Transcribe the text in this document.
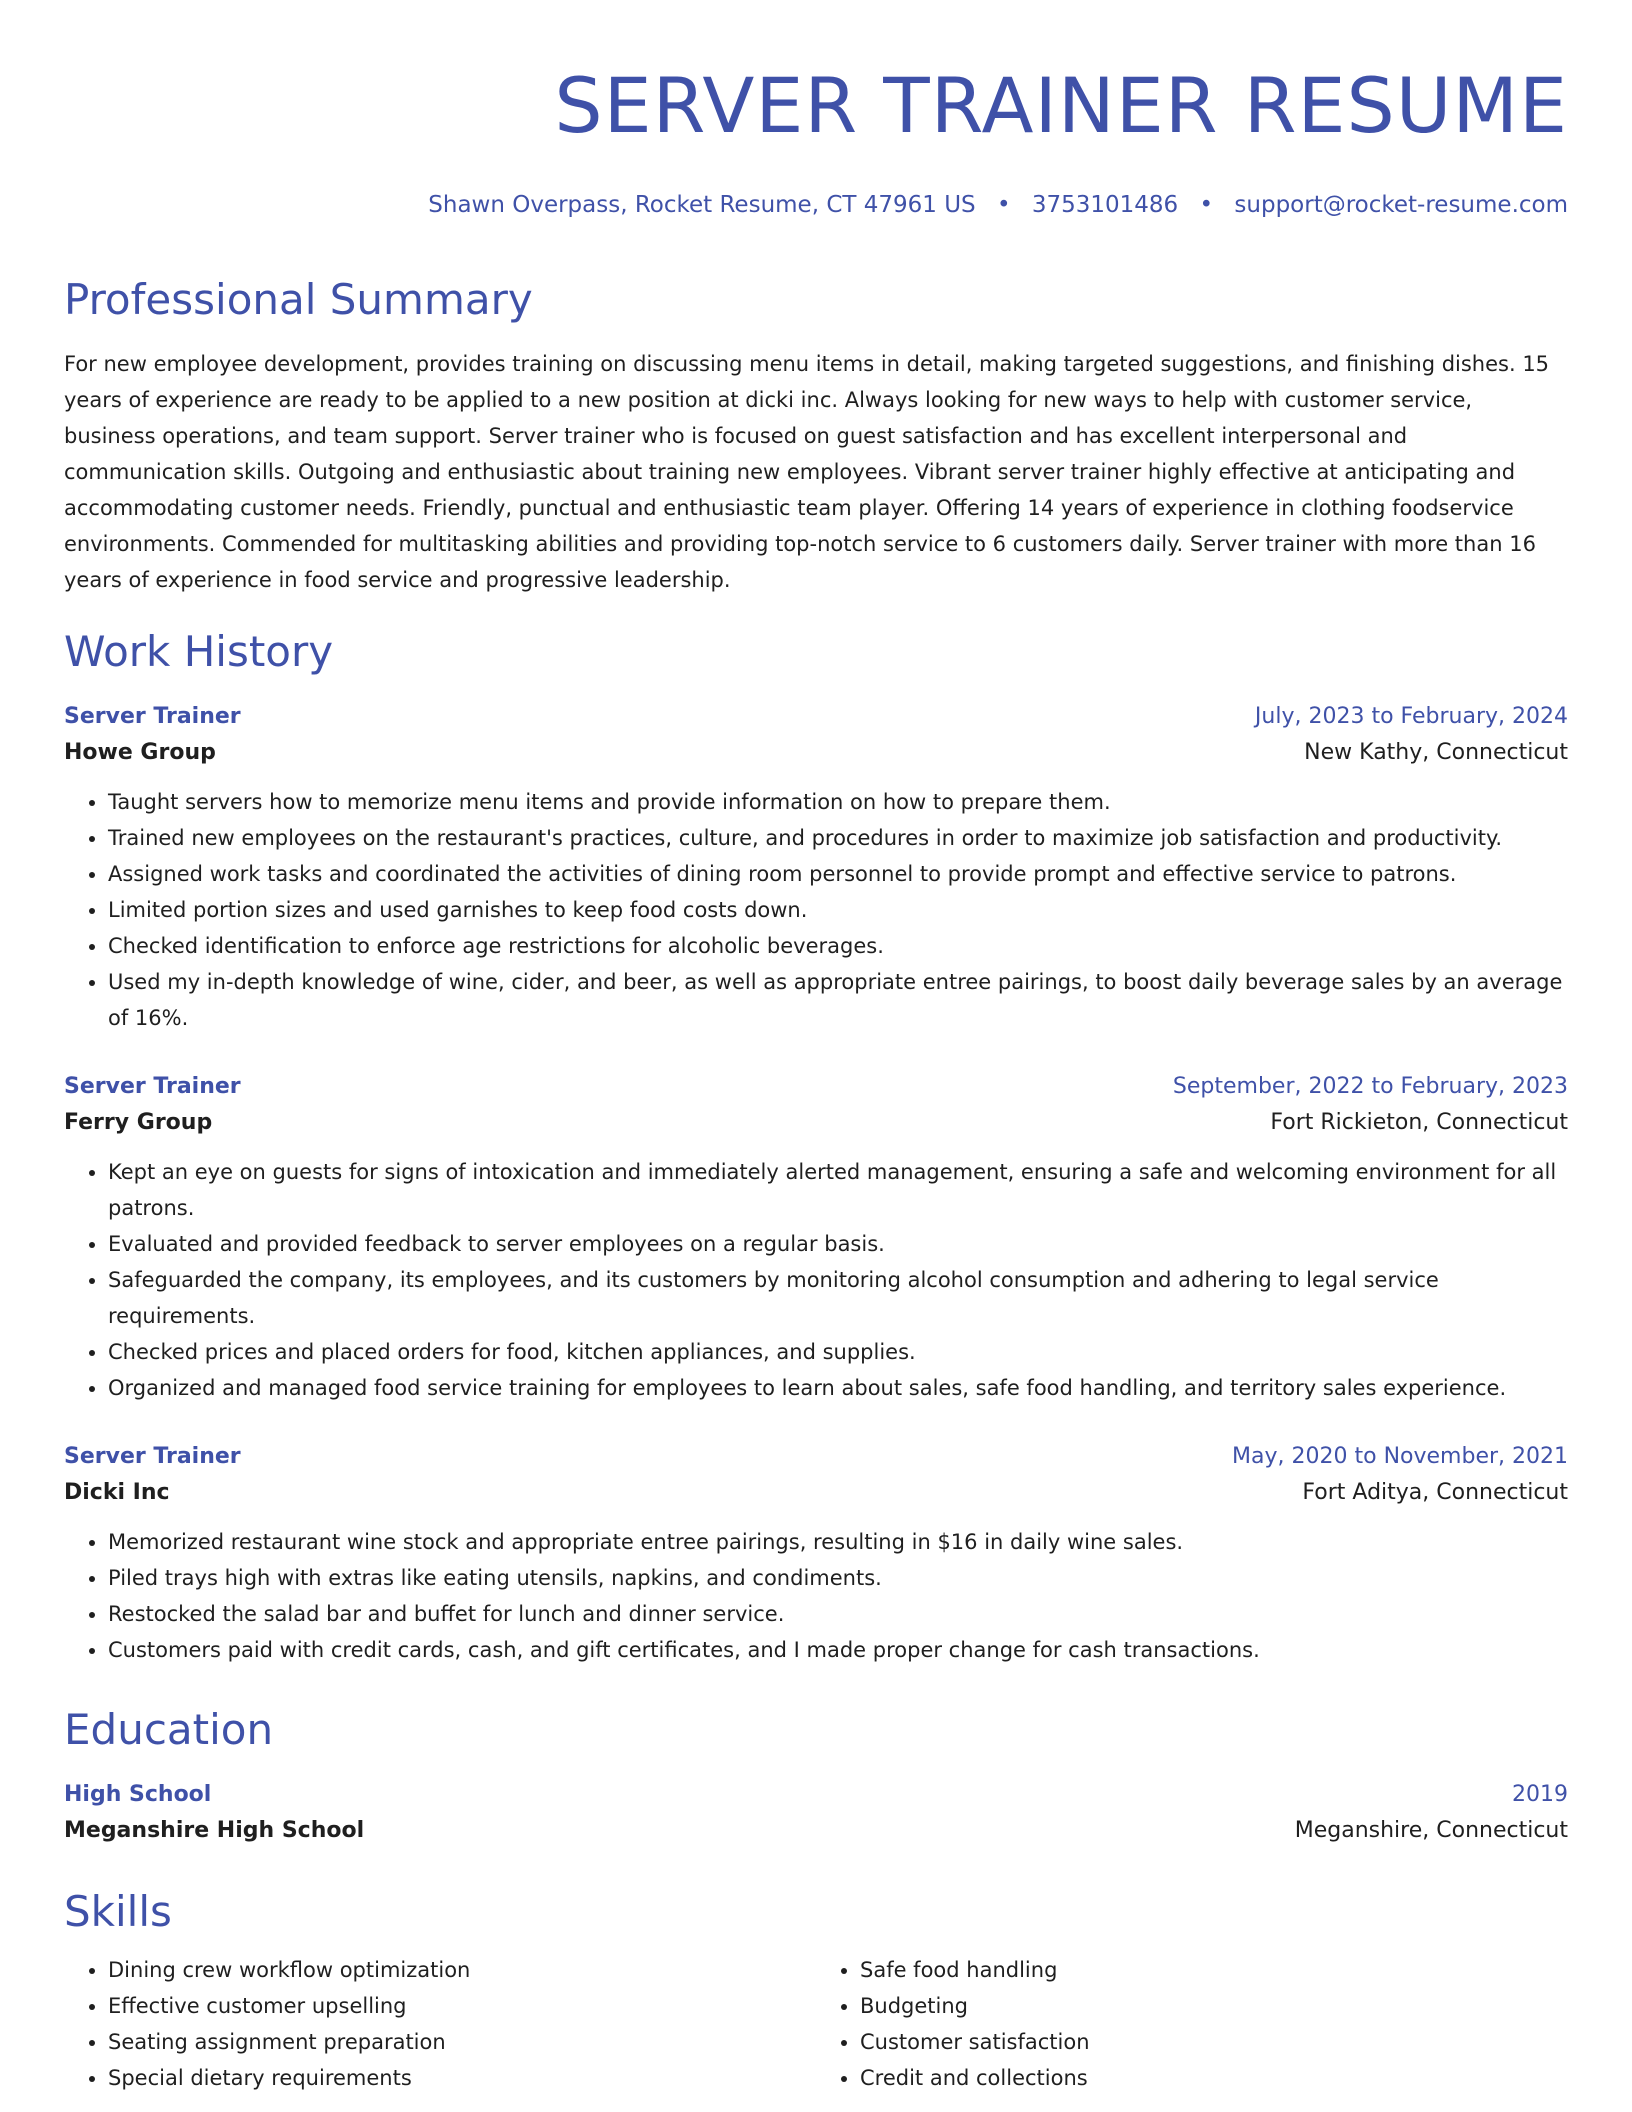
SERVER TRAINER RESUME
Shawn Overpass, Rocket Resume, CT 47961 US • 3753101486 • support@rocket-resume.com
Professional Summary
For new employee development, provides training on discussing menu items in detail, making targeted suggestions, and finishing dishes. 15 years of experience are ready to be applied to a new position at dicki inc. Always looking for new ways to help with customer service, business operations, and team support. Server trainer who is focused on guest satisfaction and has excellent interpersonal and communication skills. Outgoing and enthusiastic about training new employees. Vibrant server trainer highly effective at anticipating and accommodating customer needs. Friendly, punctual and enthusiastic team player. Offering 14 years of experience in clothing foodservice environments. Commended for multitasking abilities and providing top-notch service to 6 customers daily. Server trainer with more than 16 years of experience in food service and progressive leadership.
Work History
Server Trainer	July, 2023 to February, 2024
Howe Group	New Kathy, Connecticut
• Taught servers how to memorize menu items and provide information on how to prepare them.
• Trained new employees on the restaurant's practices, culture, and procedures in order to maximize job satisfaction and productivity.
• Assigned work tasks and coordinated the activities of dining room personnel to provide prompt and effective service to patrons.
• Limited portion sizes and used garnishes to keep food costs down.
• Checked identification to enforce age restrictions for alcoholic beverages.
• Used my in-depth knowledge of wine, cider, and beer, as well as appropriate entree pairings, to boost daily beverage sales by an average of 16%.
Server Trainer	September, 2022 to February, 2023
Ferry Group	Fort Rickieton, Connecticut
• Kept an eye on guests for signs of intoxication and immediately alerted management, ensuring a safe and welcoming environment for all patrons.
• Evaluated and provided feedback to server employees on a regular basis.
• Safeguarded the company, its employees, and its customers by monitoring alcohol consumption and adhering to legal service requirements.
• Checked prices and placed orders for food, kitchen appliances, and supplies.
• Organized and managed food service training for employees to learn about sales, safe food handling, and territory sales experience.
Server Trainer	May, 2020 to November, 2021
Dicki Inc	Fort Aditya, Connecticut
• Memorized restaurant wine stock and appropriate entree pairings, resulting in $16 in daily wine sales.
• Piled trays high with extras like eating utensils, napkins, and condiments.
• Restocked the salad bar and buffet for lunch and dinner service.
• Customers paid with credit cards, cash, and gift certificates, and I made proper change for cash transactions.
Education
High School	2019
Meganshire High School	Meganshire, Connecticut
Skills
• Dining crew workflow optimization
• Effective customer upselling
• Seating assignment preparation
• Special dietary requirements
• Safe food handling
• Budgeting
• Customer satisfaction
• Credit and collections
